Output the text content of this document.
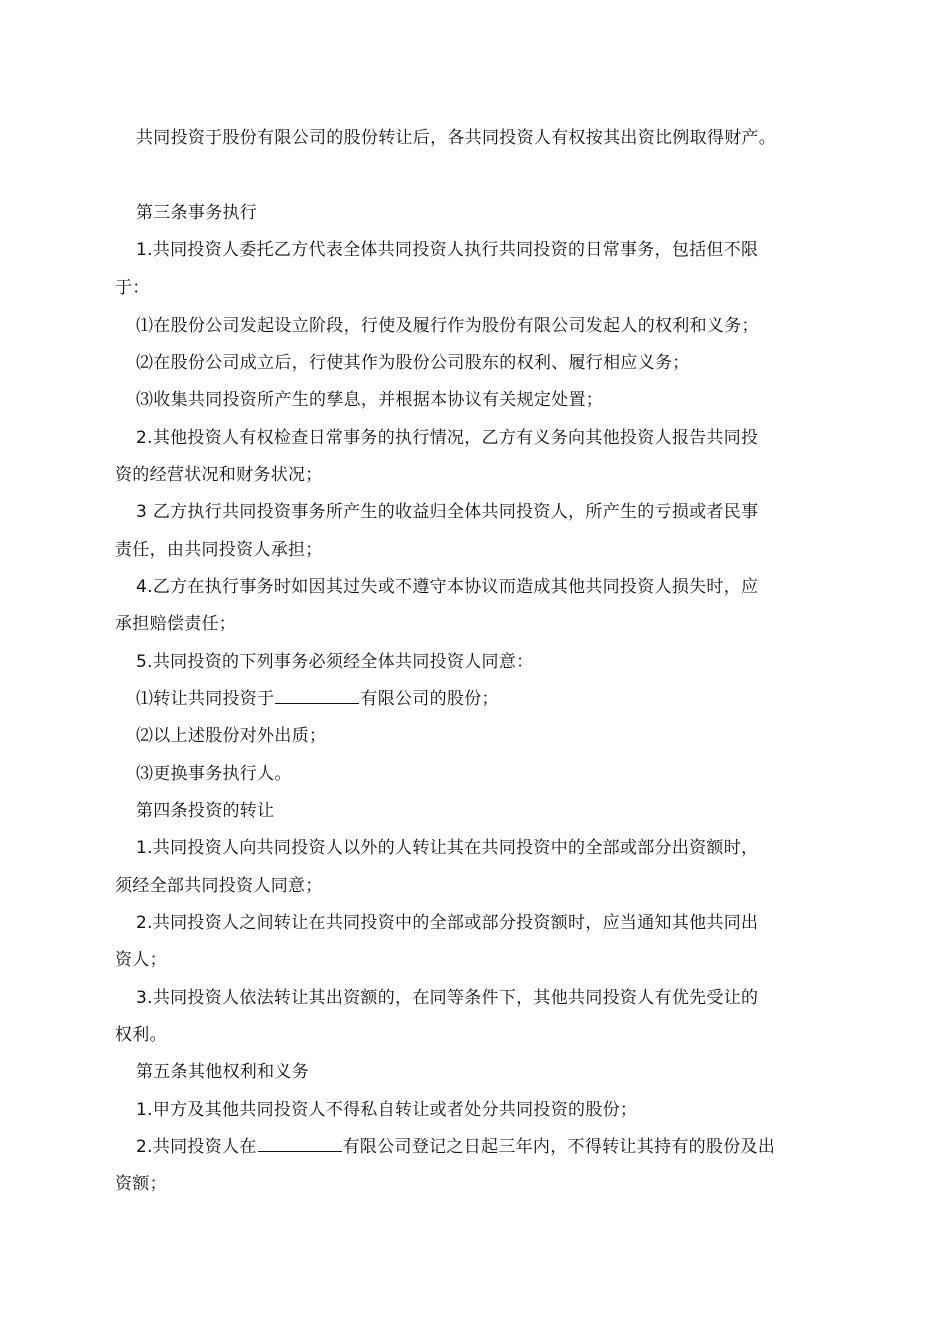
共同投资于股份有限公司的股份转让后，各共同投资人有权按其出资比例取得财产。
第三条事务执行
1.共同投资人委托乙方代表全体共同投资人执行共同投资的日常事务，包括但不限
于：
⑴在股份公司发起设立阶段，行使及履行作为股份有限公司发起人的权利和义务；
⑵在股份公司成立后，行使其作为股份公司股东的权利、履行相应义务；
⑶收集共同投资所产生的孳息，并根据本协议有关规定处置；
2.其他投资人有权检查日常事务的执行情况，乙方有义务向其他投资人报告共同投
资的经营状况和财务状况；
3 乙方执行共同投资事务所产生的收益归全体共同投资人，所产生的亏损或者民事
责任，由共同投资人承担；
4.乙方在执行事务时如因其过失或不遵守本协议而造成其他共同投资人损失时，应
承担赔偿责任；
5.共同投资的下列事务必须经全体共同投资人同意：
⑴转让共同投资于	有限公司的股份；
⑵以上述股份对外出质；
⑶更换事务执行人。
第四条投资的转让
1.共同投资人向共同投资人以外的人转让其在共同投资中的全部或部分出资额时，
须经全部共同投资人同意；
2.共同投资人之间转让在共同投资中的全部或部分投资额时，应当通知其他共同出
资人；
3.共同投资人依法转让其出资额的，在同等条件下，其他共同投资人有优先受让的
权利。
第五条其他权利和义务
1.甲方及其他共同投资人不得私自转让或者处分共同投资的股份；
2.共同投资人在	有限公司登记之日起三年内，不得转让其持有的股份及出
资额；
